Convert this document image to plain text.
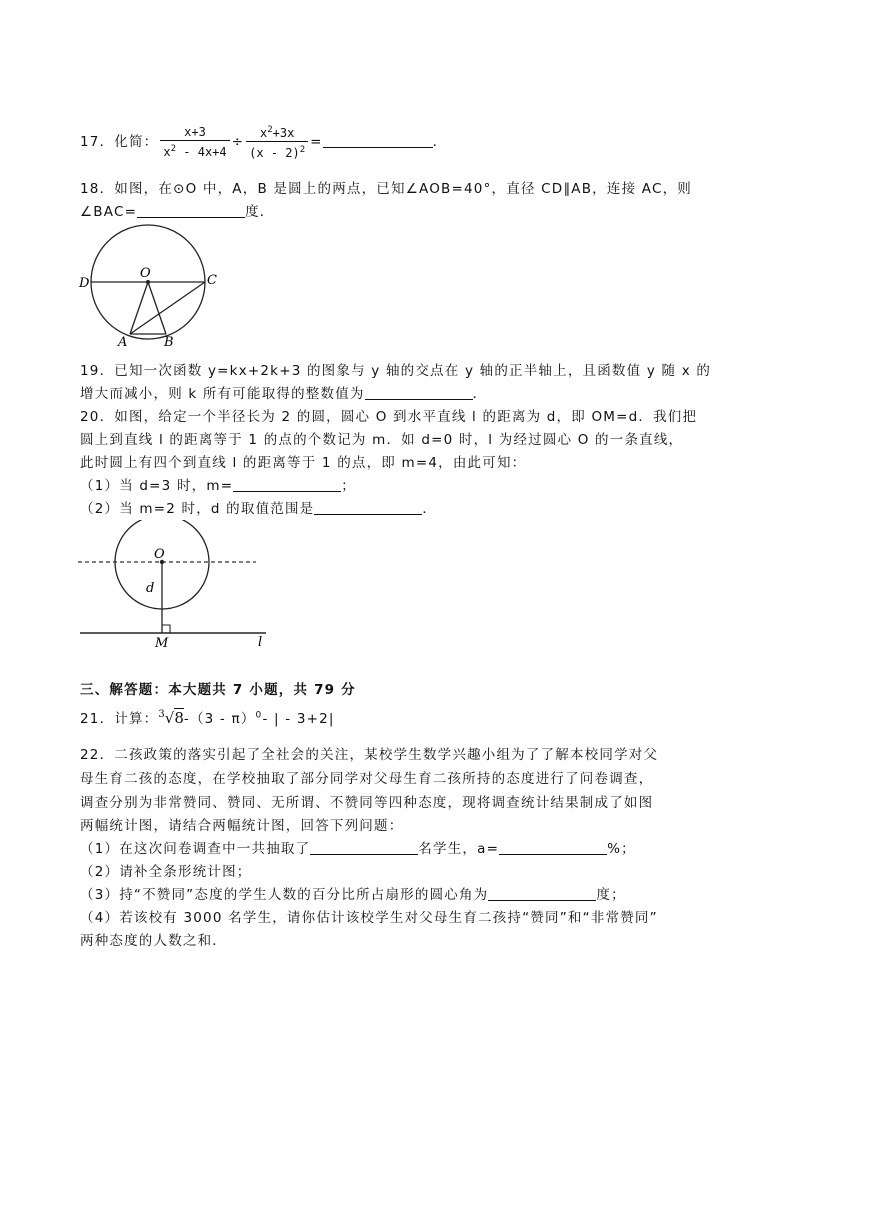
17．化简： $\frac{x+3}{x^2 - 4x+4} \div \frac{x^2+3x}{(x - 2)^2}$ =	.
18．如图，在⊙O 中，A，B 是圆上的两点，已知∠AOB=40°，直径 CD∥AB，连接 AC，则
∠BAC=	度．
D
O	C
A	B
19．已知一次函数 y=kx+2k+3 的图象与 y 轴的交点在 y 轴的正半轴上，且函数值 y 随 x 的
增大而减小，则 k 所有可能取得的整数值为	．
20．如图，给定一个半径长为 2 的圆，圆心 O 到水平直线 l 的距离为 d，即 OM=d．我们把
圆上到直线 l 的距离等于 1 的点的个数记为 m．如 d=0 时，l 为经过圆心 O 的一条直线，
此时圆上有四个到直线 l 的距离等于 1 的点，即 m=4，由此可知：
（1）当 d=3 时，m=	；
（2）当 m=2 时，d 的取值范围是	．
O
d
M	l
三、解答题：本大题共 7 小题，共 79 分
21．计算：$^3$√8-（3 - π）$^0$- | - 3+2|
22．二孩政策的落实引起了全社会的关注，某校学生数学兴趣小组为了了解本校同学对父
母生育二孩的态度，在学校抽取了部分同学对父母生育二孩所持的态度进行了问卷调查，
调查分别为非常赞同、赞同、无所谓、不赞同等四种态度，现将调查统计结果制成了如图
两幅统计图，请结合两幅统计图，回答下列问题：
（1）在这次问卷调查中一共抽取了	名学生，a=	%；
（2）请补全条形统计图；
（3）持“不赞同”态度的学生人数的百分比所占扇形的圆心角为	度；
（4）若该校有 3000 名学生，请你估计该校学生对父母生育二孩持“赞同”和“非常赞同”
两种态度的人数之和．
